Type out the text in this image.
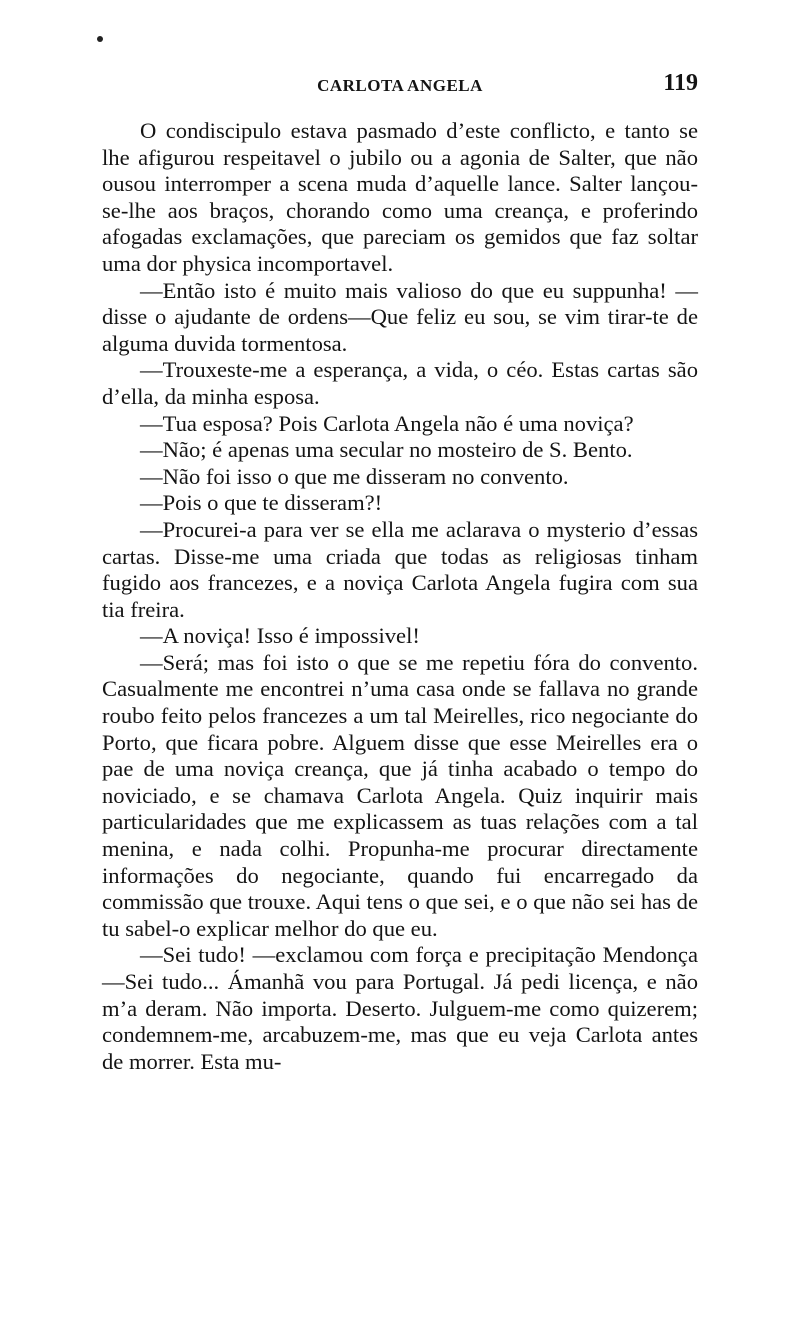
CARLOTA ANGELA	119

O condiscipulo estava pasmado d’este conflicto, e tanto se lhe afigurou respeitavel o jubilo ou a agonia de Salter, que não ousou interromper a scena muda d’aquelle lance. Salter lançou-se-lhe aos braços, chorando como uma creança, e proferindo afogadas exclamações, que pareciam os gemidos que faz soltar uma dor physica incomportavel.

—Então isto é muito mais valioso do que eu suppunha! —disse o ajudante de ordens—Que feliz eu sou, se vim tirar-te de alguma duvida tormentosa.

—Trouxeste-me a esperança, a vida, o céo. Estas cartas são d’ella, da minha esposa.

—Tua esposa? Pois Carlota Angela não é uma noviça?

—Não; é apenas uma secular no mosteiro de S. Bento.

—Não foi isso o que me disseram no convento.

—Pois o que te disseram?!

—Procurei-a para ver se ella me aclarava o mysterio d’essas cartas. Disse-me uma criada que todas as religiosas tinham fugido aos francezes, e a noviça Carlota Angela fugira com sua tia freira.

—A noviça! Isso é impossivel!

—Será; mas foi isto o que se me repetiu fóra do convento. Casualmente me encontrei n’uma casa onde se fallava no grande roubo feito pelos francezes a um tal Meirelles, rico negociante do Porto, que ficara pobre. Alguem disse que esse Meirelles era o pae de uma noviça creança, que já tinha acabado o tempo do noviciado, e se chamava Carlota Angela. Quiz inquirir mais particularidades que me explicassem as tuas relações com a tal menina, e nada colhi. Propunha-me procurar directamente informações do negociante, quando fui encarregado da commissão que trouxe. Aqui tens o que sei, e o que não sei has de tu sabel-o explicar melhor do que eu.

—Sei tudo! —exclamou com força e precipitação Mendonça—Sei tudo... Ámanhã vou para Portugal. Já pedi licença, e não m’a deram. Não importa. Deserto. Julguem-me como quizerem; condemnem-me, arcabuzem-me, mas que eu veja Carlota antes de morrer. Esta mu-
